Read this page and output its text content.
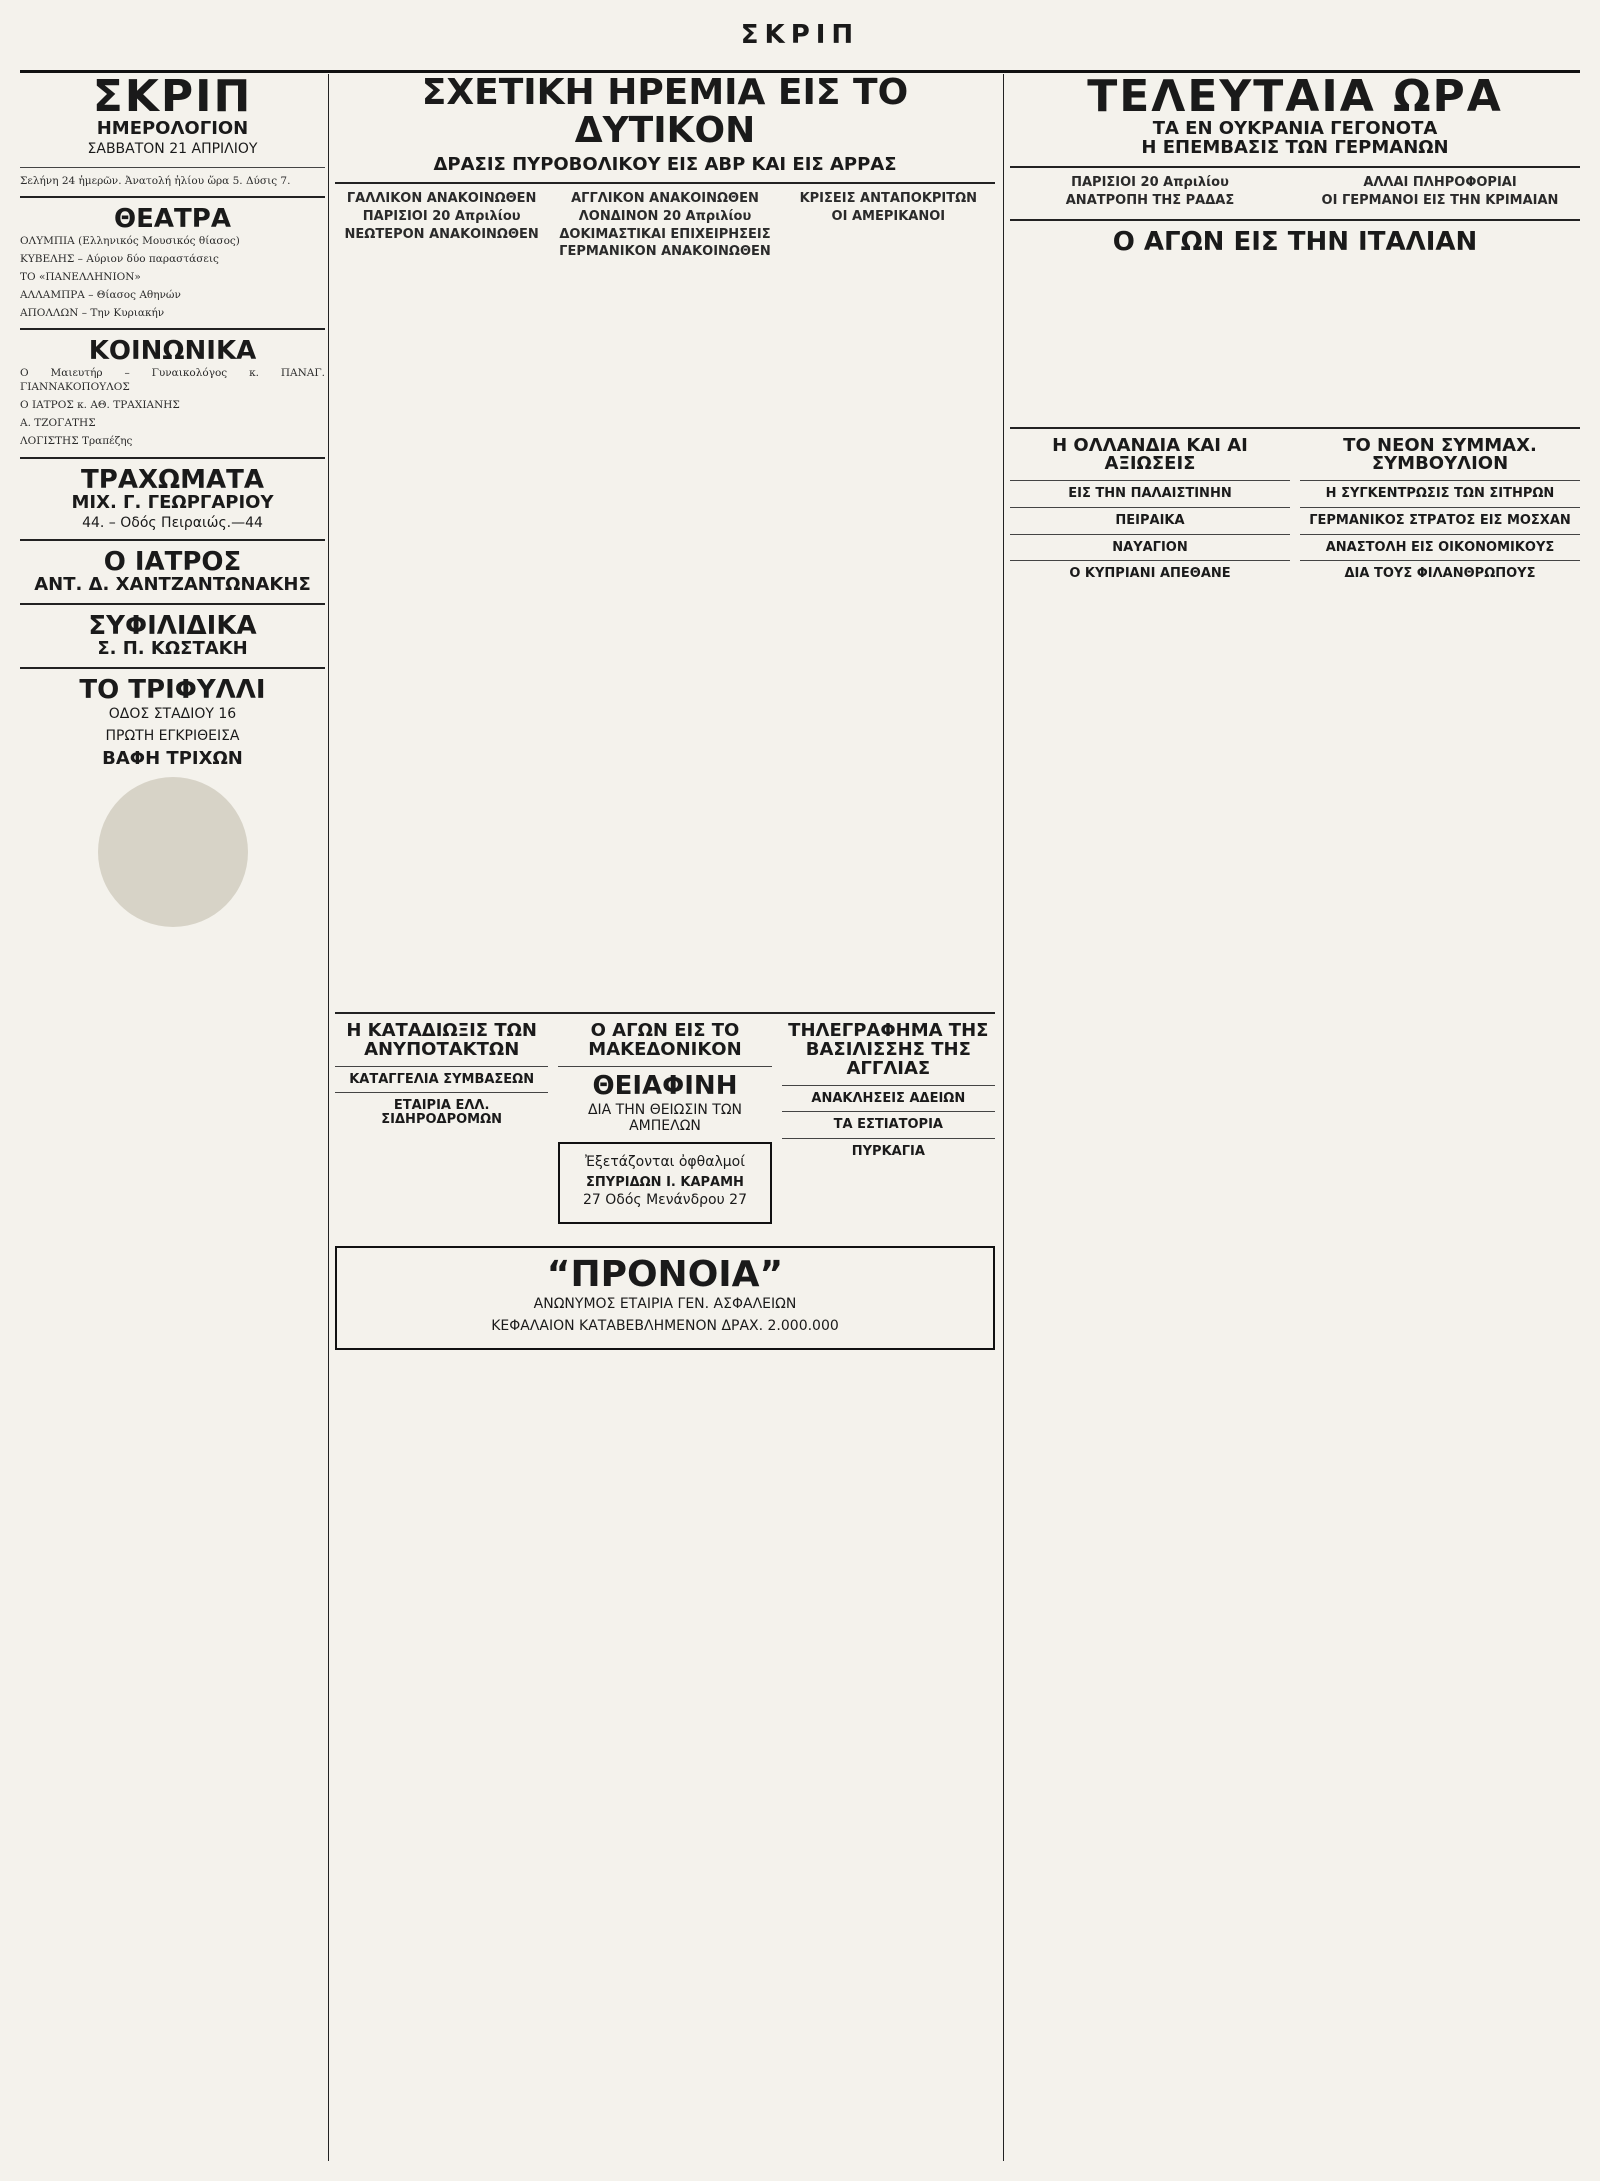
ΣΚΡΙΠ
ΣΚΡΙΠ
ΗΜΕΡΟΛΟΓΙΟΝ
ΣΑΒΒΑΤΟΝ 21 ΑΠΡΙΛΙΟΥ

Σελήνη 24 ἡμερῶν. Ἀνατολή ἡλίου ὥρα 5. Δύσις 7.

ΘΕΑΤΡΑ

ΟΛΥΜΠΙΑ (Ελληνικός Μουσικός θίασος)

ΚΥΒΕΛΗΣ – Αύριον δύο παραστάσεις

ΤΟ «ΠΑΝΕΛΛΗΝΙΟΝ»

ΑΛΛΑΜΠΡΑ – Θίασος Αθηνών

ΑΠΟΛΛΩΝ – Την Κυριακήν

ΚΟΙΝΩΝΙΚΑ

Ο Μαιευτήρ – Γυναικολόγος κ. ΠΑΝΑΓ. ΓΙΑΝΝΑΚΟΠΟΥΛΟΣ

Ο ΙΑΤΡΟΣ κ. ΑΘ. ΤΡΑΧΙΑΝΗΣ

Α. ΤΖΟΓΑΤΗΣ

ΛΟΓΙΣΤΗΣ Τραπέζης

ΤΡΑΧΩΜΑΤΑ
ΜΙΧ. Γ. ΓΕΩΡΓΑΡΙΟΥ
44. – Οδός Πειραιώς.—44
Ο ΙΑΤΡΟΣ
ΑΝΤ. Δ. ΧΑΝΤΖΑΝΤΩΝΑΚΗΣ
ΣΥΦΙΛΙΔΙΚΑ
Σ. Π. ΚΩΣΤΑΚΗ
ΤΟ ΤΡΙΦΥΛΛΙ
ΟΔΟΣ ΣΤΑΔΙΟΥ 16
ΠΡΩΤΗ ΕΓΚΡΙΘΕΙΣΑ
ΒΑΦΗ ΤΡΙΧΩΝ
ΣΧΕΤΙΚΗ ΗΡΕΜΙΑ ΕΙΣ ΤΟ ΔΥΤΙΚΟΝ
ΔΡΑΣΙΣ ΠΥΡΟΒΟΛΙΚΟΥ ΕΙΣ ΑΒΡ ΚΑΙ ΕΙΣ ΑΡΡΑΣ

ΓΑΛΛΙΚΟΝ ΑΝΑΚΟΙΝΩΘΕΝ

ΠΑΡΙΣΙΟΙ 20 Απριλίου

ΝΕΩΤΕΡΟΝ ΑΝΑΚΟΙΝΩΘΕΝ

ΑΓΓΛΙΚΟΝ ΑΝΑΚΟΙΝΩΘΕΝ

ΛΟΝΔΙΝΟΝ 20 Απριλίου

ΔΟΚΙΜΑΣΤΙΚΑΙ ΕΠΙΧΕΙΡΗΣΕΙΣ

ΓΕΡΜΑΝΙΚΟΝ ΑΝΑΚΟΙΝΩΘΕΝ

ΚΡΙΣΕΙΣ ΑΝΤΑΠΟΚΡΙΤΩΝ

ΟΙ ΑΜΕΡΙΚΑΝΟΙ

Η ΚΑΤΑΔΙΩΞΙΣ ΤΩΝ ΑΝΥΠΟΤΑΚΤΩΝ
ΚΑΤΑΓΓΕΛΙΑ ΣΥΜΒΑΣΕΩΝ
ΕΤΑΙΡΙΑ ΕΛΛ. ΣΙΔΗΡΟΔΡΟΜΩΝ
Ο ΑΓΩΝ ΕΙΣ ΤΟ ΜΑΚΕΔΟΝΙΚΟΝ
ΘΕΙΑΦΙΝΗ
ΔΙΑ ΤΗΝ ΘΕΙΩΣΙΝ ΤΩΝ ΑΜΠΕΛΩΝ
Ἐξετάζονται ὀφθαλμοί
ΣΠΥΡΙΔΩΝ Ι. ΚΑΡΑΜΗ
27 Οδός Μενάνδρου 27
ΤΗΛΕΓΡΑΦΗΜΑ ΤΗΣ ΒΑΣΙΛΙΣΣΗΣ ΤΗΣ ΑΓΓΛΙΑΣ
ΑΝΑΚΛΗΣΕΙΣ ΑΔΕΙΩΝ
ΤΑ ΕΣΤΙΑΤΟΡΙΑ
ΠΥΡΚΑΓΙΑ
“ΠΡΟΝΟΙΑ”
ΑΝΩΝΥΜΟΣ ΕΤΑΙΡΙΑ ΓΕΝ. ΑΣΦΑΛΕΙΩΝ
ΚΕΦΑΛΑΙΟΝ ΚΑΤΑΒΕΒΛΗΜΕΝΟΝ ΔΡΑΧ. 2.000.000
ΤΕΛΕΥΤΑΙΑ ΩΡΑ
ΤΑ ΕΝ ΟΥΚΡΑΝΙΑ ΓΕΓΟΝΟΤΑ
Η ΕΠΕΜΒΑΣΙΣ ΤΩΝ ΓΕΡΜΑΝΩΝ

ΠΑΡΙΣΙΟΙ 20 Απριλίου

ΑΝΑΤΡΟΠΗ ΤΗΣ ΡΑΔΑΣ

ΑΛΛΑΙ ΠΛΗΡΟΦΟΡΙΑΙ

ΟΙ ΓΕΡΜΑΝΟΙ ΕΙΣ ΤΗΝ ΚΡΙΜΑΙΑΝ

Ο ΑΓΩΝ ΕΙΣ ΤΗΝ ΙΤΑΛΙΑΝ
Η ΟΛΛΑΝΔΙΑ ΚΑΙ ΑΙ ΑΞΙΩΣΕΙΣ
ΕΙΣ ΤΗΝ ΠΑΛΑΙΣΤΙΝΗΝ
ΠΕΙΡΑΙΚΑ
ΝΑΥΑΓΙΟΝ
Ο ΚΥΠΡΙΑΝΙ ΑΠΕΘΑΝΕ
ΤΟ ΝΕΟΝ ΣΥΜΜΑΧ. ΣΥΜΒΟΥΛΙΟΝ
Η ΣΥΓΚΕΝΤΡΩΣΙΣ ΤΩΝ ΣΙΤΗΡΩΝ
ΓΕΡΜΑΝΙΚΟΣ ΣΤΡΑΤΟΣ ΕΙΣ ΜΟΣΧΑΝ
ΑΝΑΣΤΟΛΗ ΕΙΣ ΟΙΚΟΝΟΜΙΚΟΥΣ
ΔΙΑ ΤΟΥΣ ΦΙΛΑΝΘΡΩΠΟΥΣ
